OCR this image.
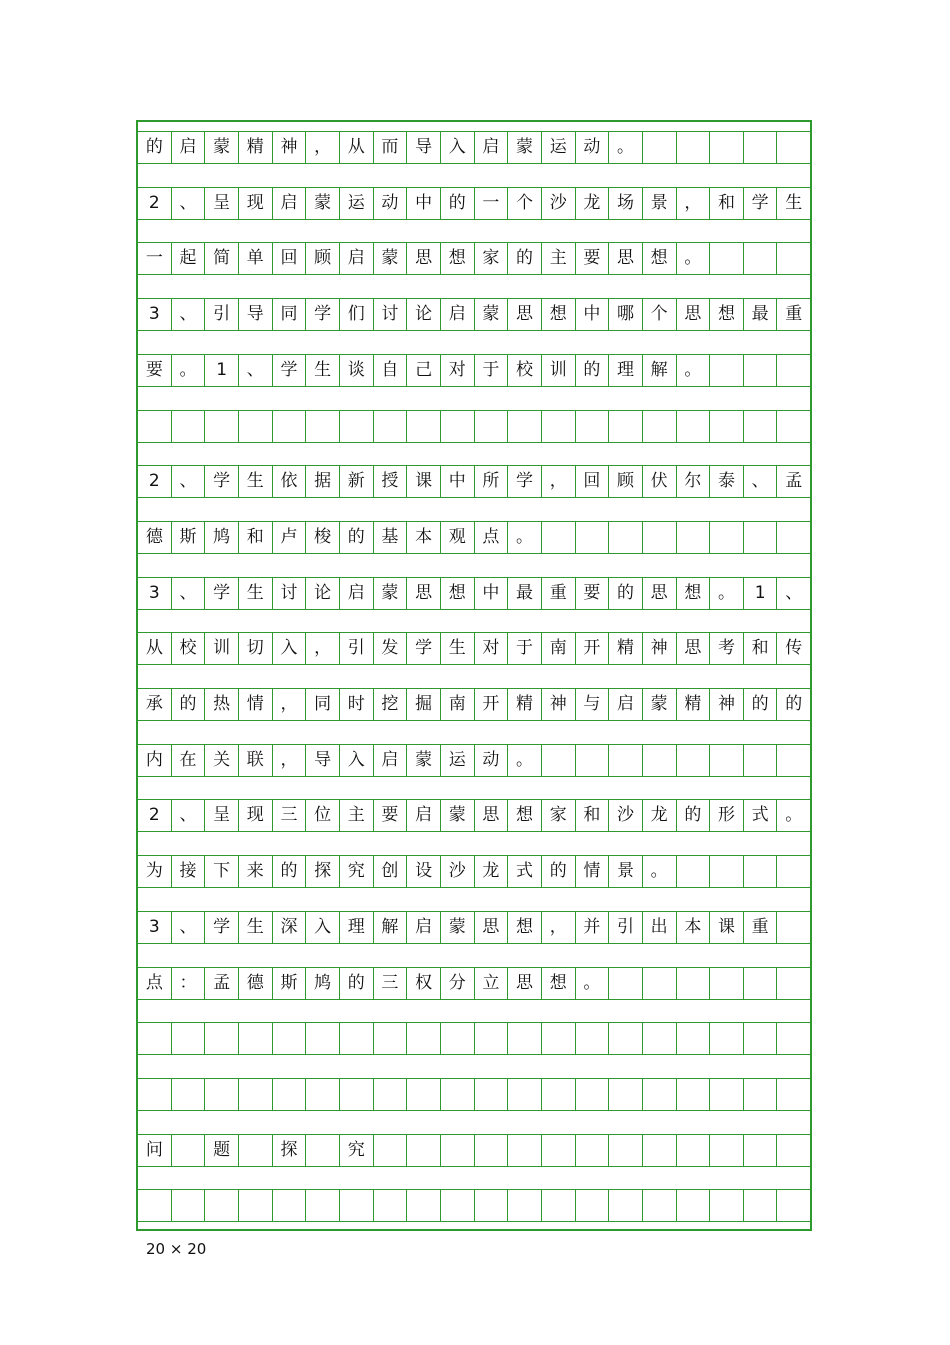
的 启 蒙 精 神 ， 从 而 导 入 启 蒙 运 动 。
2	、 呈 现 启 蒙 运 动 中 的 一 个 沙 龙 场 景 ， 和 学 生
一 起 简 单 回 顾 启 蒙 思 想 家 的 主 要 思 想 。
3	、 引 导 同 学 们 讨 论 启 蒙 思 想 中 哪 个 思 想 最 重
要 。	1	、 学 生 谈 自 己 对 于 校 训 的 理 解 。
2	、 学 生 依 据 新 授 课 中 所 学 ， 回 顾 伏 尔 泰 、 孟
德 斯 鸠 和 卢 梭 的 基 本 观 点 。
3	、 学 生 讨 论 启 蒙 思 想 中 最 重 要 的 思 想 。	1	、
从 校 训 切 入 ， 引 发 学 生 对 于 南 开 精 神 思 考 和 传
承 的 热 情 ， 同 时 挖 掘 南 开 精 神 与 启 蒙 精 神 的 的
内 在 关 联 ， 导 入 启 蒙 运 动 。
2	、 呈 现 三 位 主 要 启 蒙 思 想 家 和 沙 龙 的 形 式 。
为 接 下 来 的 探 究 创 设 沙 龙 式 的 情 景 。
3	、 学 生 深 入 理 解 启 蒙 思 想 ， 并 引 出 本 课 重
点 ： 孟 德 斯 鸠 的 三 权 分 立 思 想 。
问	题	探	究
20 × 20
